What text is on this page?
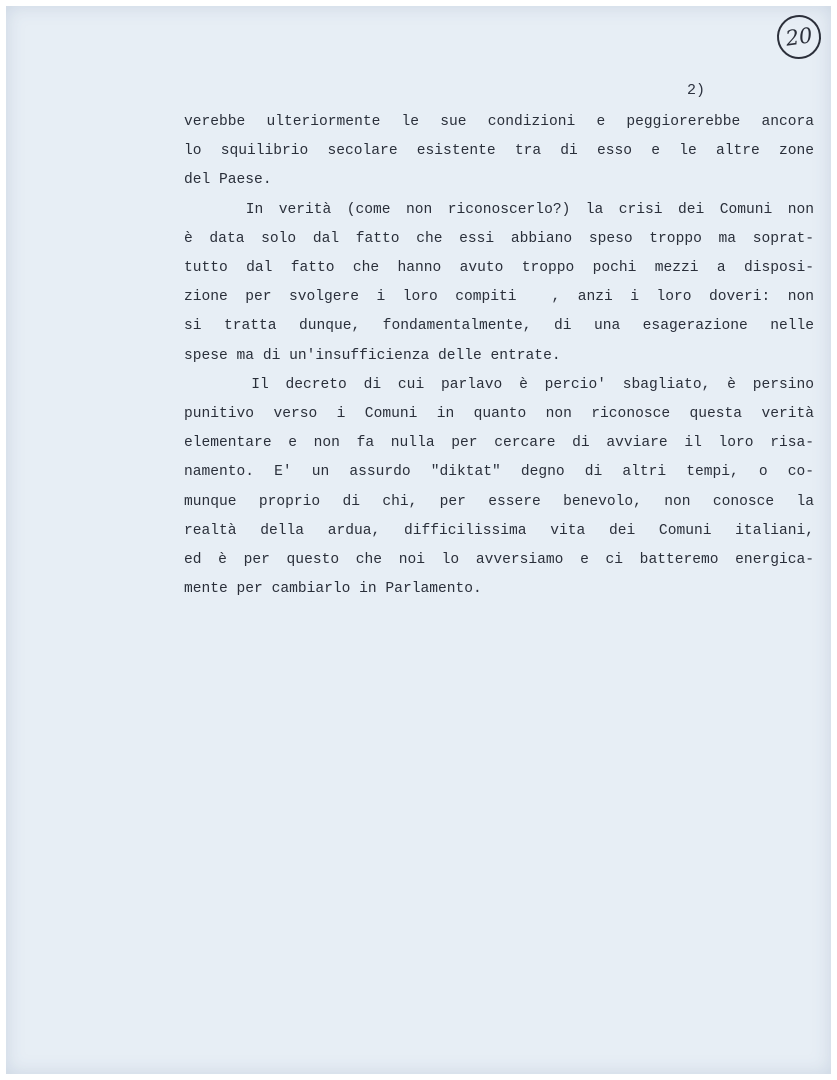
20
2)
verebbe ulteriormente le sue condizioni e peggiorerebbe ancora
lo squilibrio secolare esistente tra di esso e le altre zone
del Paese.
In verità (come non riconoscerlo?) la crisi dei Comuni non
è data solo dal fatto che essi abbiano speso troppo ma soprat-
tutto dal fatto che hanno avuto troppo pochi mezzi a disposi-
zione per svolgere i loro compiti  , anzi i loro doveri: non
si tratta dunque, fondamentalmente, di una esagerazione nelle
spese ma di un'insufficienza delle entrate.
Il decreto di cui parlavo è percio' sbagliato, è persino
punitivo verso i Comuni in quanto non riconosce questa verità
elementare e non fa nulla per cercare di avviare il loro risa-
namento. E' un assurdo "diktat" degno di altri tempi, o co-
munque proprio di chi, per essere benevolo, non conosce la
realtà della ardua, difficilissima vita dei Comuni italiani,
ed è per questo che noi lo avversiamo e ci batteremo energica-
mente per cambiarlo in Parlamento.
